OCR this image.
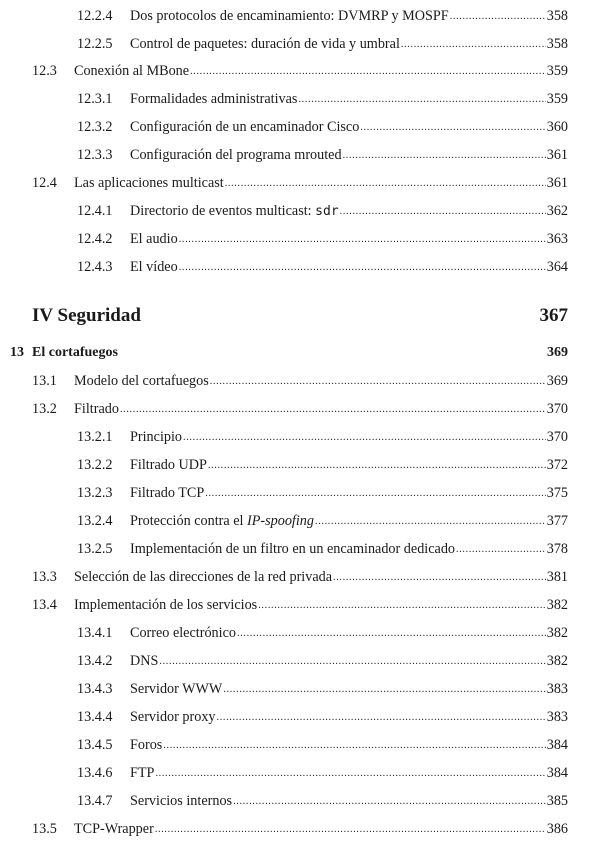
12.2.4	Dos protocolos de encaminamiento: DVMRP y MOSPF . . .	358
12.2.5	Control de paquetes: duración de vida y umbral . . .	358
12.3	Conexión al MBone . . .	359
12.3.1	Formalidades administrativas . . .	359
12.3.2	Configuración de un encaminador Cisco . . .	360
12.3.3	Configuración del programa mrouted . . .	361
12.4	Las aplicaciones multicast . . .	361
12.4.1	Directorio de eventos multicast: sdr . . .	362
12.4.2	El audio . . .	363
12.4.3	El vídeo . . .	364
IV Seguridad	367
13 El cortafuegos	369
13.1	Modelo del cortafuegos . . .	369
13.2	Filtrado . . .	370
13.2.1	Principio . . .	370
13.2.2	Filtrado UDP . . .	372
13.2.3	Filtrado TCP . . .	375
13.2.4	Protección contra el IP-spoofing . . .	377
13.2.5	Implementación de un filtro en un encaminador dedicado . . .	378
13.3	Selección de las direcciones de la red privada . . .	381
13.4	Implementación de los servicios . . .	382
13.4.1	Correo electrónico . . .	382
13.4.2	DNS . . .	382
13.4.3	Servidor WWW . . .	383
13.4.4	Servidor proxy . . .	383
13.4.5	Foros . . .	384
13.4.6	FTP . . .	384
13.4.7	Servicios internos . . .	385
13.5	TCP-Wrapper . . .	386
